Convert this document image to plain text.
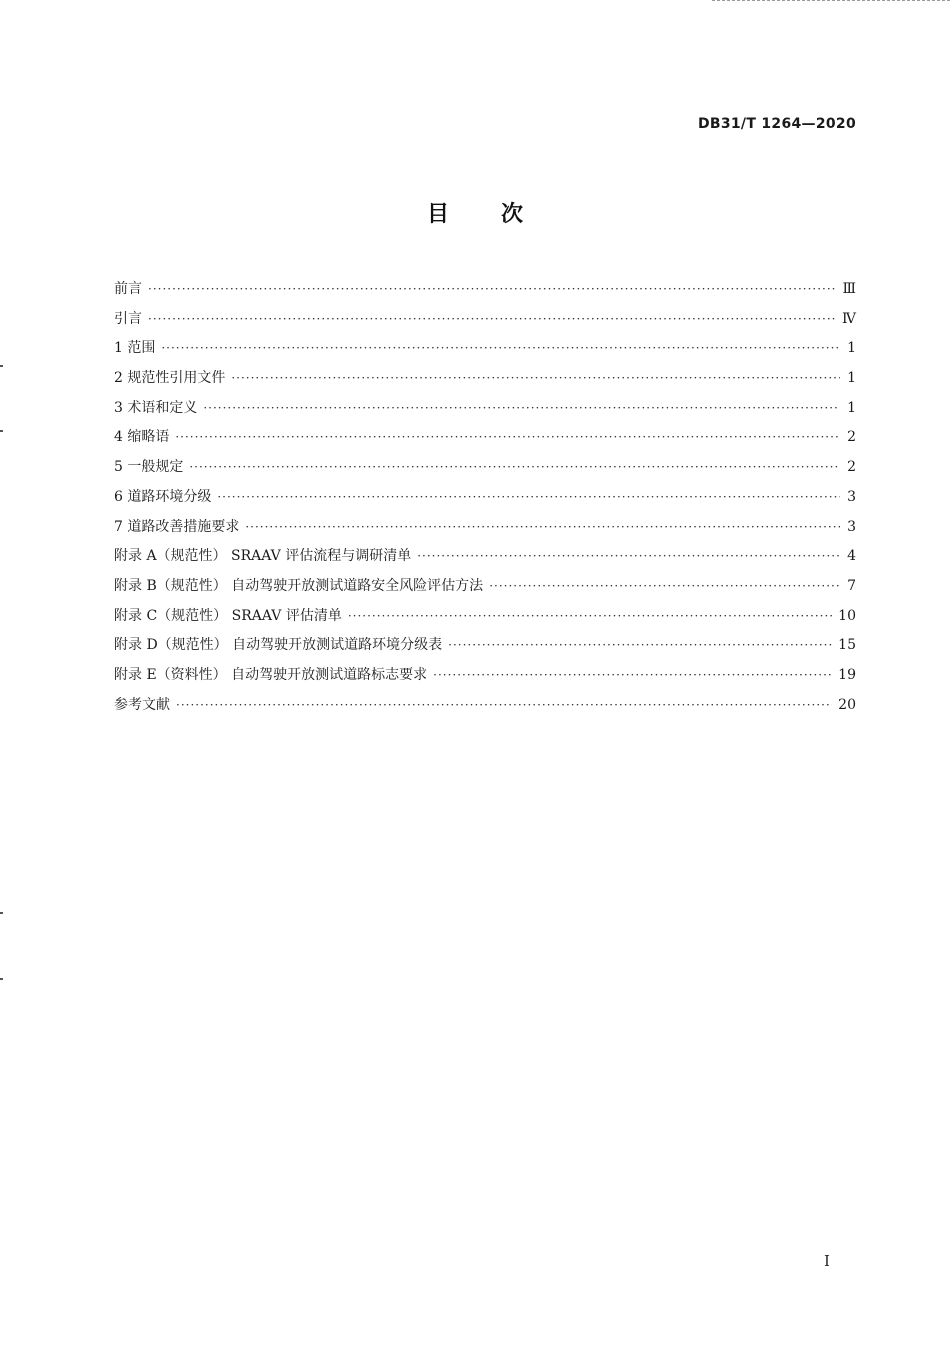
DB31/T 1264—2020
目次
前言 ·····	Ⅲ
引言 ·····	Ⅳ
1 范围 ·····	1
2 规范性引用文件 ·····	1
3 术语和定义 ·····	1
4 缩略语 ·····	2
5 一般规定 ·····	2
6 道路环境分级 ·····	3
7 道路改善措施要求 ·····	3
附录 A（规范性） SRAAV 评估流程与调研清单 ·····	4
附录 B（规范性） 自动驾驶开放测试道路安全风险评估方法 ·····	7
附录 C（规范性） SRAAV 评估清单 ·····	10
附录 D（规范性） 自动驾驶开放测试道路环境分级表 ·····	15
附录 E（资料性） 自动驾驶开放测试道路标志要求 ·····	19
参考文献 ·····	20
I
